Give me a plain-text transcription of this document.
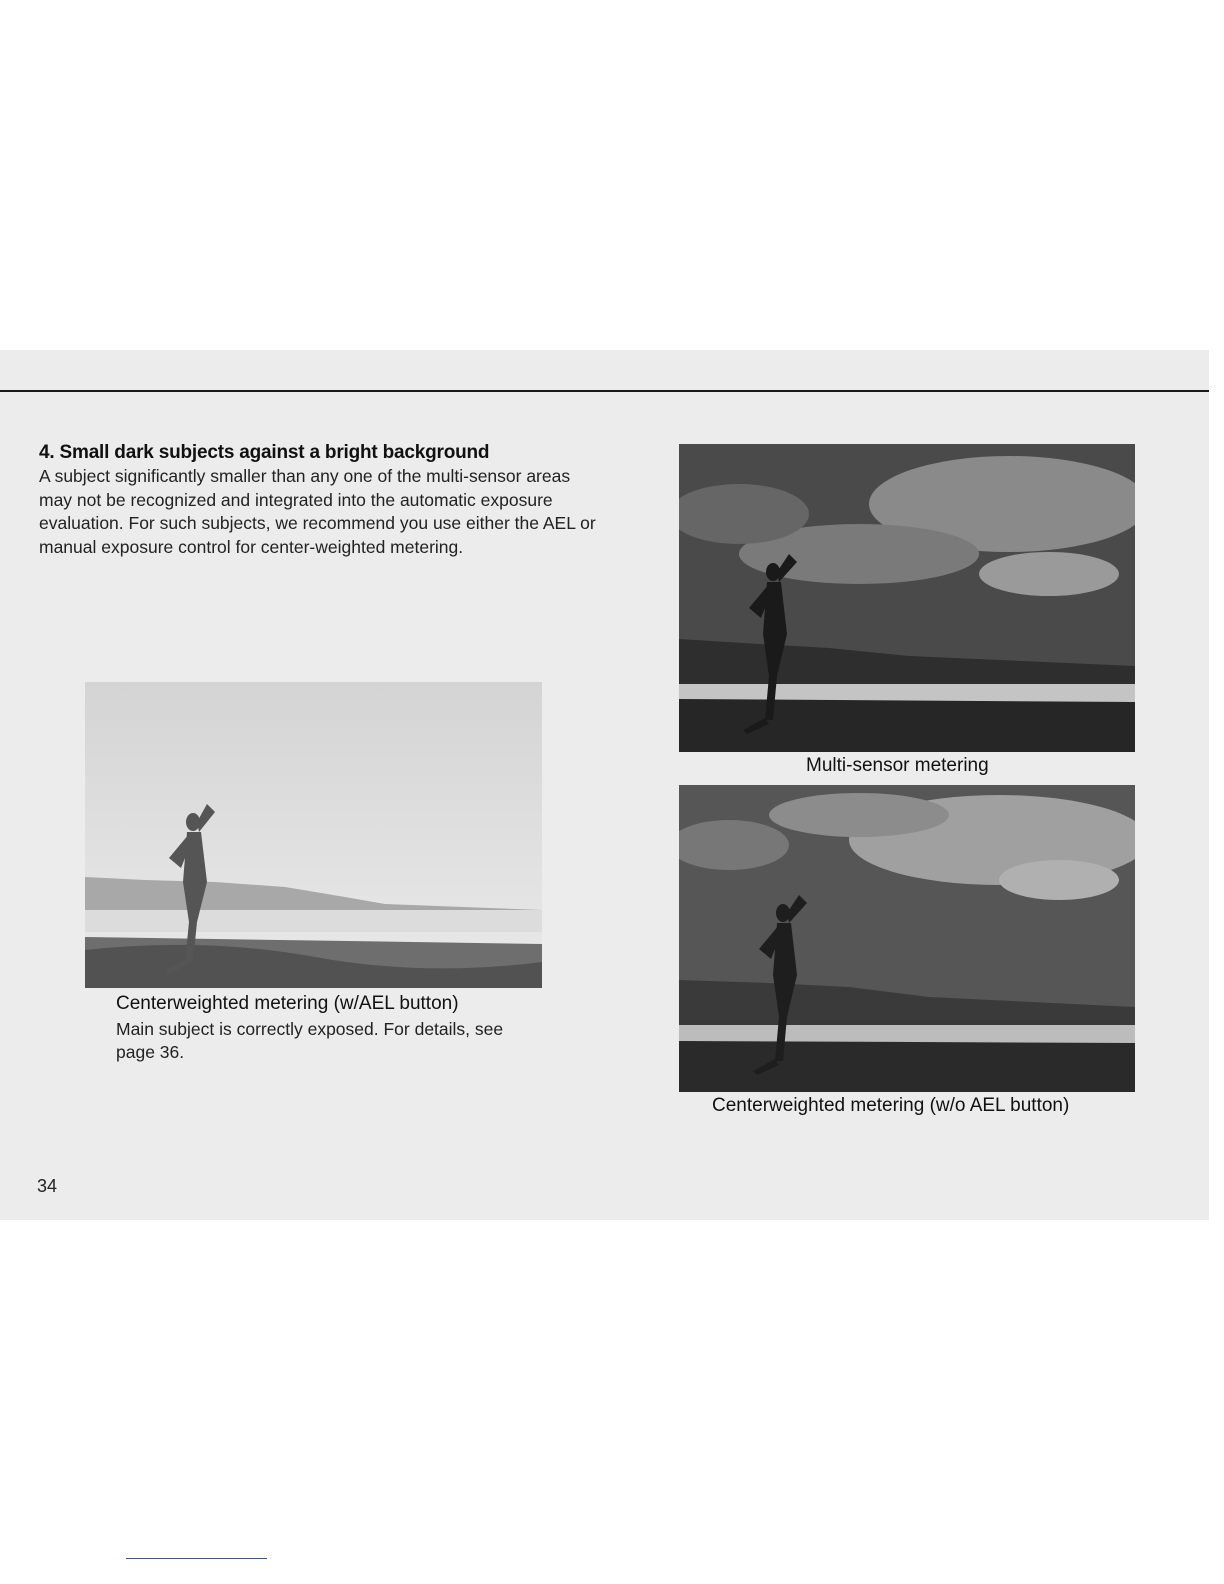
4. Small dark subjects against a bright background
A subject significantly smaller than any one of the multi-sensor areas may not be recognized and integrated into the automatic exposure evaluation. For such subjects, we recommend you use either the AEL or manual exposure control for center-weighted metering.
Centerweighted metering (w/AEL button)
Main subject is correctly exposed. For details, see page 36.
Multi-sensor metering
Centerweighted metering (w/o AEL button)
34
